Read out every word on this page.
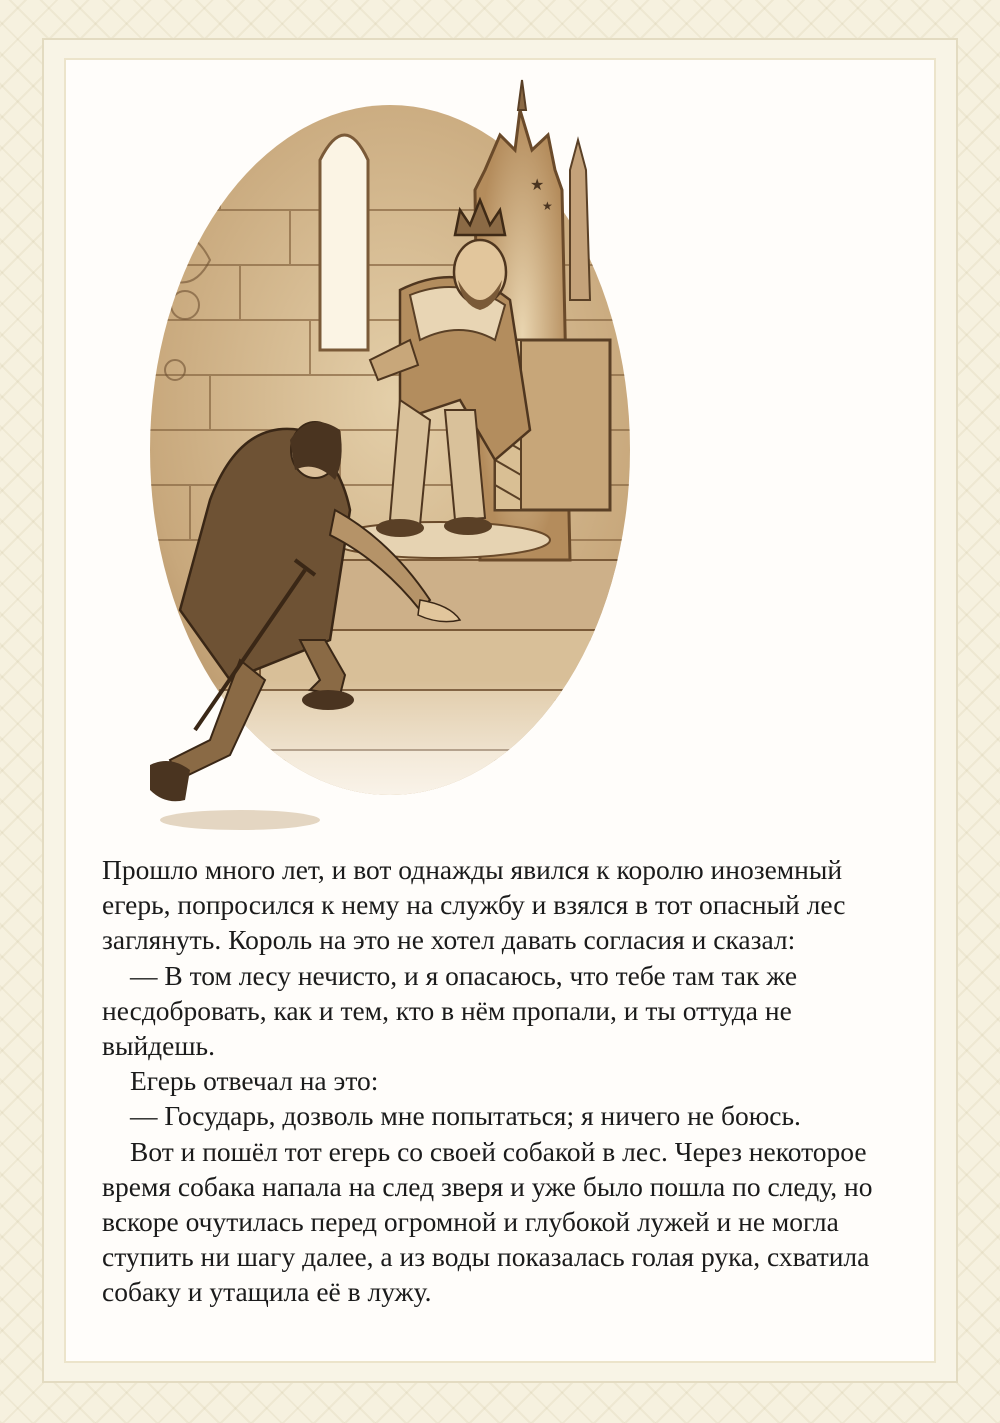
★
★

Прошло много лет, и вот однажды явился к королю иноземный егерь, попросился к нему на службу и взялся в тот опасный лес заглянуть. Король на это не хотел давать согласия и сказал:

— В том лесу нечисто, и я опасаюсь, что тебе там так же несдобровать, как и тем, кто в нём пропали, и ты оттуда не выйдешь.

Егерь отвечал на это:

— Государь, дозволь мне попытаться; я ничего не боюсь.

Вот и пошёл тот егерь со своей собакой в лес. Через некоторое время собака напала на след зверя и уже было пошла по следу, но вскоре очутилась перед огромной и глубокой лужей и не могла ступить ни шагу далее, а из воды показалась голая рука, схватила собаку и утащила её в лужу.
